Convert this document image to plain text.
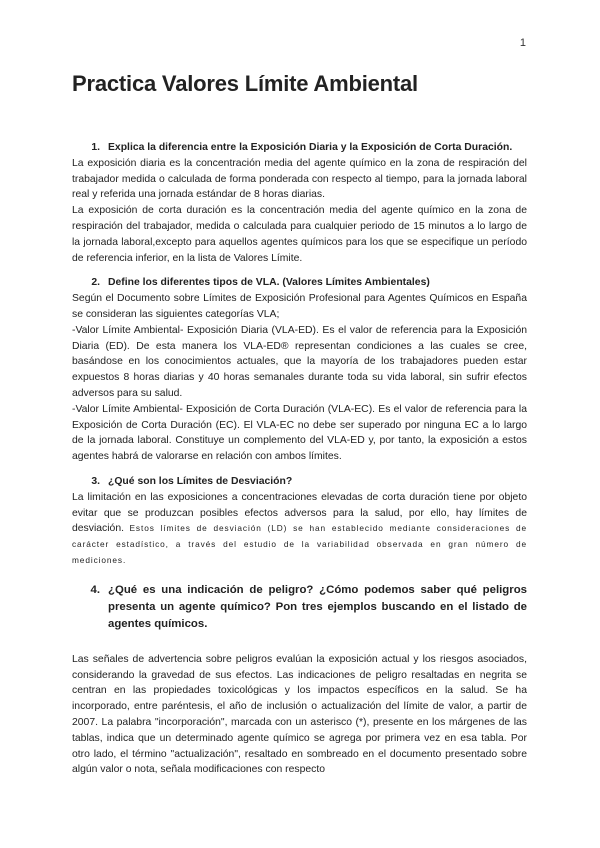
1
Practica Valores Límite Ambiental
1. Explica la diferencia entre la Exposición Diaria y la Exposición de Corta Duración.

La exposición diaria es la concentración media del agente químico en la zona de respiración del trabajador medida o calculada de forma ponderada con respecto al tiempo, para la jornada laboral real y referida una jornada estándar de 8 horas diarias.

La exposición de corta duración es la concentración media del agente químico en la zona de respiración del trabajador, medida o calculada para cualquier periodo de 15 minutos a lo largo de la jornada laboral,excepto para aquellos agentes químicos para los que se especifique un período de referencia inferior, en la lista de Valores Límite.

2. Define los diferentes tipos de VLA. (Valores Límites Ambientales)

Según el Documento sobre Límites de Exposición Profesional para Agentes Químicos en España se consideran las siguientes categorías VLA;

-Valor Límite Ambiental- Exposición Diaria (VLA-ED). Es el valor de referencia para la Exposición Diaria (ED). De esta manera los VLA-ED® representan condiciones a las cuales se cree, basándose en los conocimientos actuales, que la mayoría de los trabajadores pueden estar expuestos 8 horas diarias y 40 horas semanales durante toda su vida laboral, sin sufrir efectos adversos para su salud.

-Valor Límite Ambiental- Exposición de Corta Duración (VLA-EC). Es el valor de referencia para la Exposición de Corta Duración (EC). El VLA-EC no debe ser superado por ninguna EC a lo largo de la jornada laboral. Constituye un complemento del VLA-ED y, por tanto, la exposición a estos agentes habrá de valorarse en relación con ambos límites.

3. ¿Qué son los Límites de Desviación?

La limitación en las exposiciones a concentraciones elevadas de corta duración tiene por objeto evitar que se produzcan posibles efectos adversos para la salud, por ello, hay límites de desviación. Estos límites de desviación (LD) se han establecido mediante consideraciones de carácter estadístico, a través del estudio de la variabilidad observada en gran número de mediciones.

4. ¿Qué es una indicación de peligro? ¿Cómo podemos saber qué peligros presenta un agente químico? Pon tres ejemplos buscando en el listado de agentes químicos.

Las señales de advertencia sobre peligros evalúan la exposición actual y los riesgos asociados, considerando la gravedad de sus efectos. Las indicaciones de peligro resaltadas en negrita se centran en las propiedades toxicológicas y los impactos específicos en la salud. Se ha incorporado, entre paréntesis, el año de inclusión o actualización del límite de valor, a partir de 2007. La palabra "incorporación", marcada con un asterisco (*), presente en los márgenes de las tablas, indica que un determinado agente químico se agrega por primera vez en esa tabla. Por otro lado, el término "actualización", resaltado en sombreado en el documento presentado sobre algún valor o nota, señala modificaciones con respecto
